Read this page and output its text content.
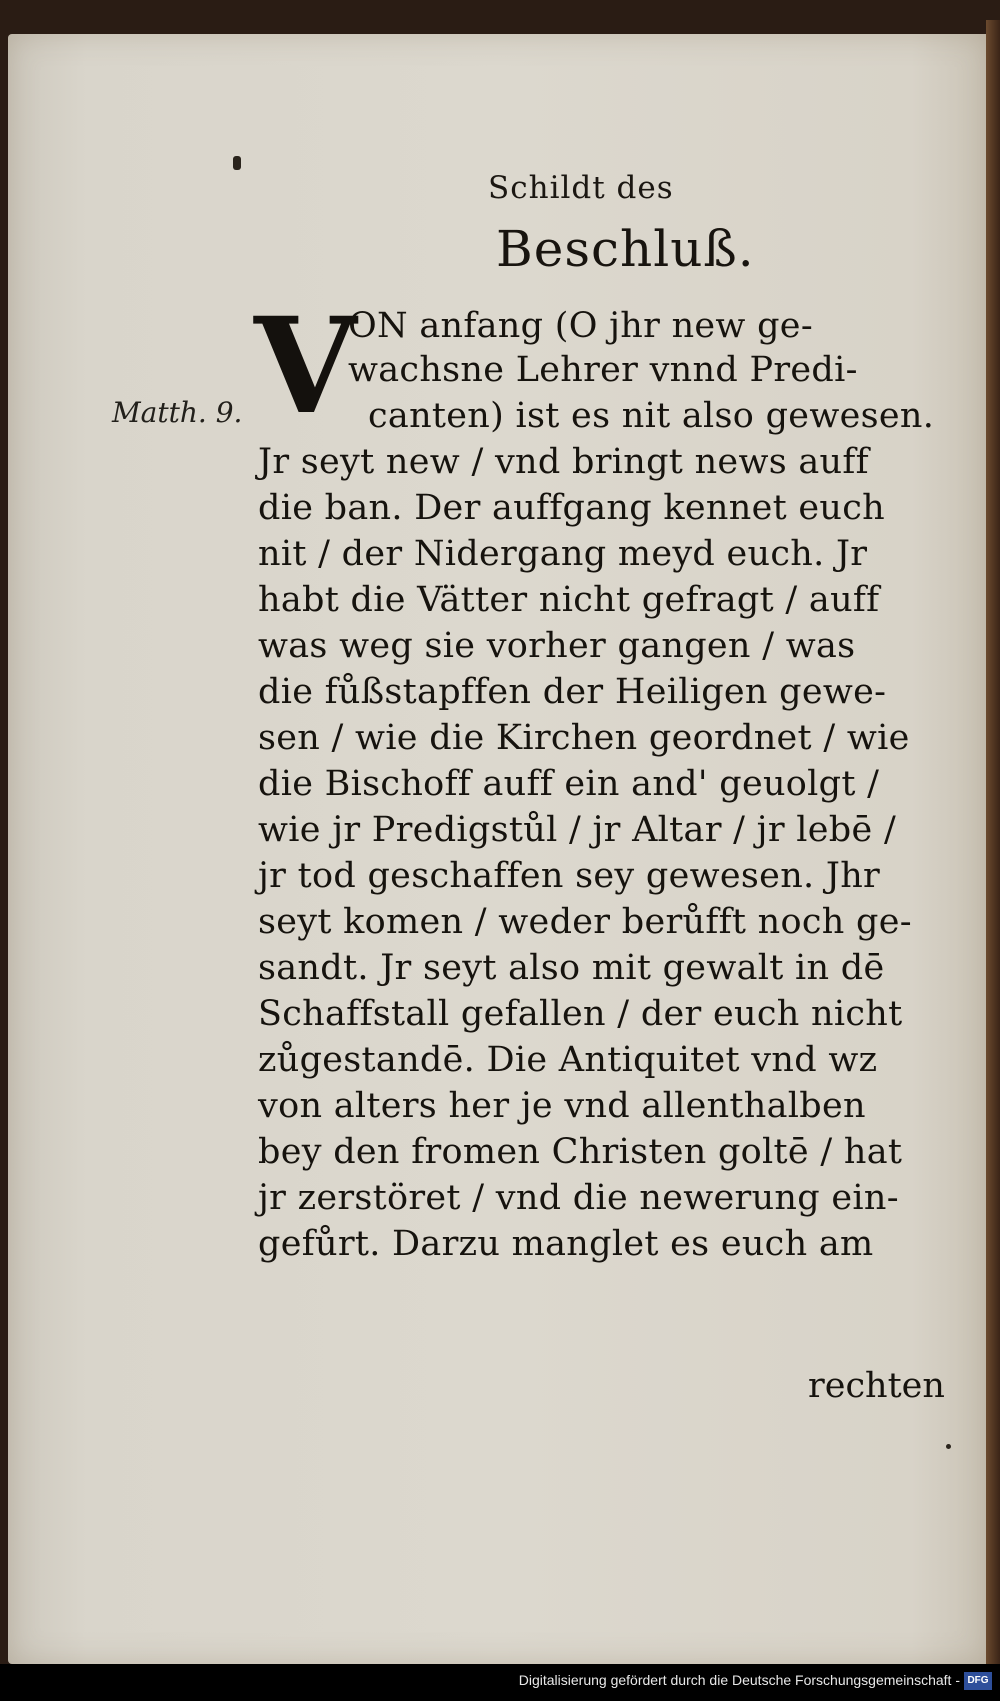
Schildt des
Beschluß.
Matth. 9. V
ON anfang (O jhr new ge-
wachsne Lehrer vnnd Predi-
canten) ist es nit also gewesen.
Jr seyt new / vnd bringt news auff
die ban. Der auffgang kennet euch
nit / der Nidergang meyd euch. Jr
habt die Vätter nicht gefragt / auff
was weg sie vorher gangen / was
die fůßstapffen der Heiligen gewe-
sen / wie die Kirchen geordnet / wie
die Bischoff auff ein and' geuolgt /
wie jr Predigstůl / jr Altar / jr lebē /
jr tod geschaffen sey gewesen. Jhr
seyt komen / weder berůfft noch ge-
sandt. Jr seyt also mit gewalt in dē
Schaffstall gefallen / der euch nicht
zůgestandē. Die Antiquitet vnd wz
von alters her je vnd allenthalben
bey den fromen Christen goltē / hat
jr zerstöret / vnd die newerung ein-
gefůrt. Darzu manglet es euch am
rechten
Digitalisierung gefördert durch die Deutsche Forschungsgemeinschaft - DFG
